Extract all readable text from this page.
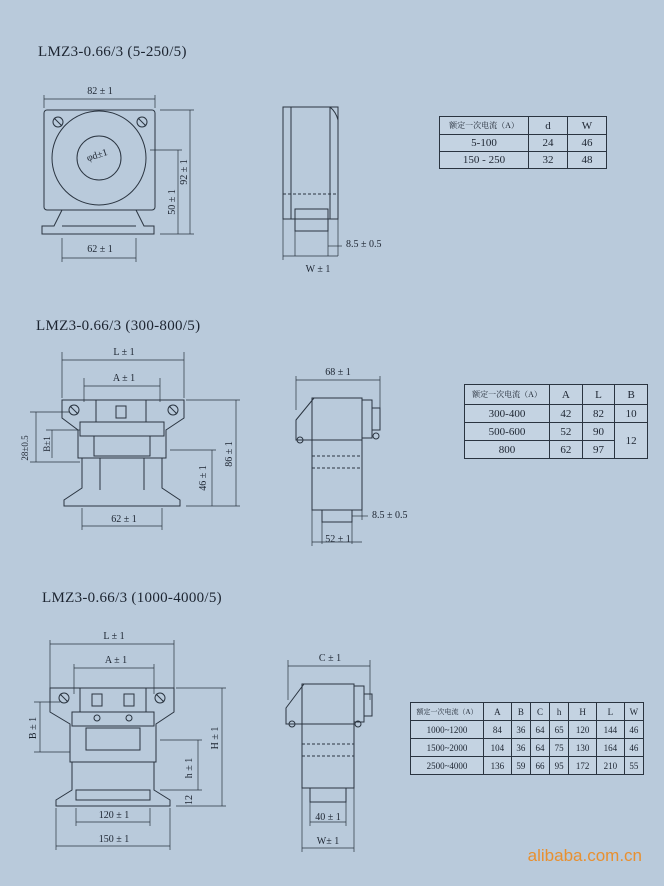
LMZ3-0.66/3 (5-250/5)
LMZ3-0.66/3 (300-800/5)
LMZ3-0.66/3 (1000-4000/5)
82 ± 1
φd±1
92 ± 1
50 ± 1
62 ± 1	8.5 ± 0.5
W ± 1
L ± 1
A ± 1
28±0.5 B±1	86 ± 1
46 ± 1
62 ± 1
68 ± 1
8.5 ± 0.5
52 ± 1
L ± 1
A ± 1
B ± 1	H ± 1
h ± 1
12
120 ± 1
150 ± 1
C ± 1
40 ± 1
W± 1
额定一次电流（A）	d	W
5-100	24	46
150 - 250	32	48
额定一次电流（A）	A	L	B
300-400	42	82	10
500-600	52	90	12
800	62	97	
额定一次电流（A）	A	B	C	h	H	L	W
1000~1200	84	36	64	65	120	144	46
1500~2000	104	36	64	75	130	164	46
2500~4000	136	59	66	95	172	210	55
alibaba.com.cn
